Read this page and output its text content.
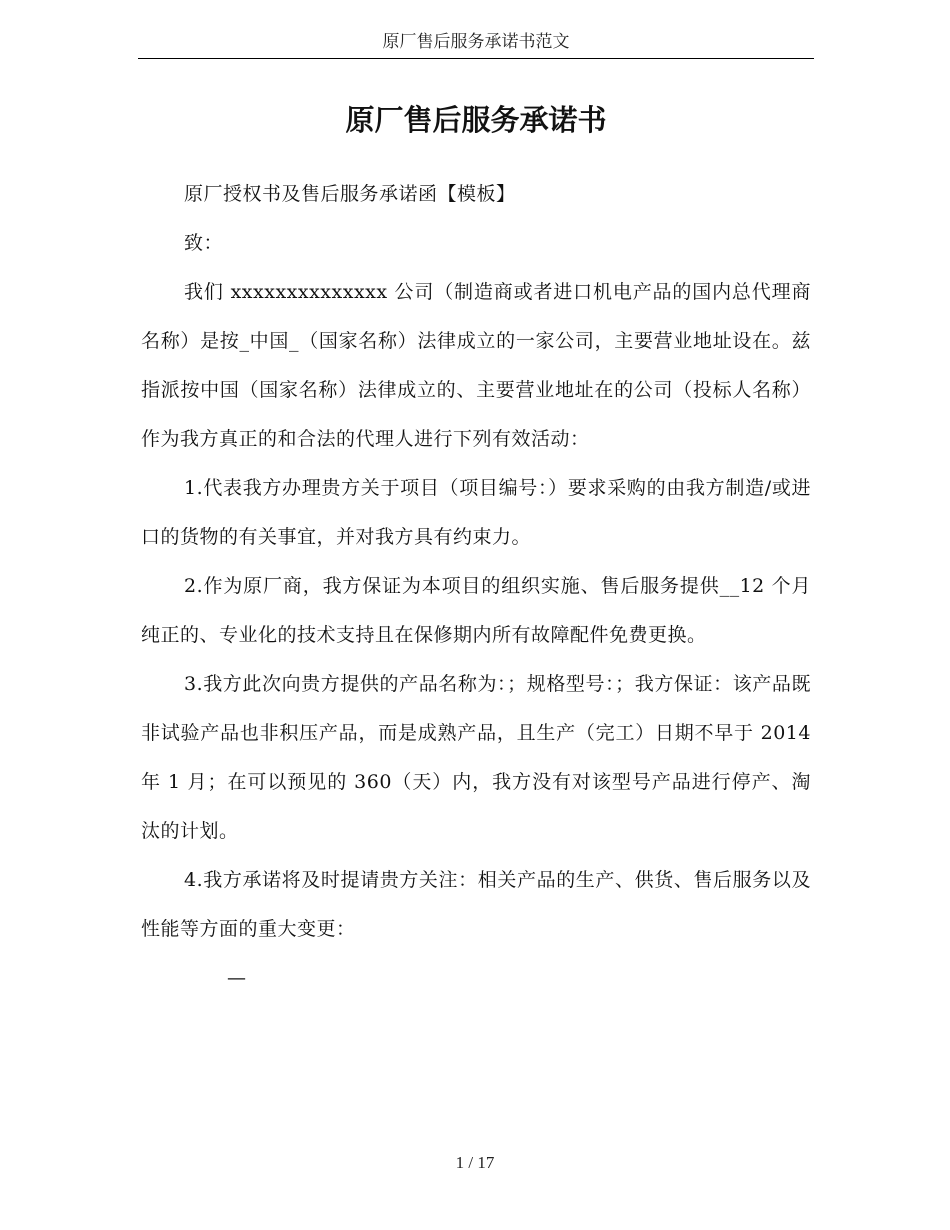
原厂售后服务承诺书范文
原厂售后服务承诺书

原厂授权书及售后服务承诺函【模板】

致：

我们 xxxxxxxxxxxxxx 公司（制造商或者进口机电产品的国内总代理商名称）是按_中国_（国家名称）法律成立的一家公司，主要营业地址设在。兹指派按中国（国家名称）法律成立的、主要营业地址在的公司（投标人名称）作为我方真正的和合法的代理人进行下列有效活动：

1.代表我方办理贵方关于项目（项目编号：）要求采购的由我方制造/或进口的货物的有关事宜，并对我方具有约束力。

2.作为原厂商，我方保证为本项目的组织实施、售后服务提供__12 个月纯正的、专业化的技术支持且在保修期内所有故障配件免费更换。

3.我方此次向贵方提供的产品名称为：；规格型号：；我方保证：该产品既非试验产品也非积压产品，而是成熟产品，且生产（完工）日期不早于 2014 年 1 月；在可以预见的 360（天）内，我方没有对该型号产品进行停产、淘汰的计划。

4.我方承诺将及时提请贵方关注：相关产品的生产、供货、售后服务以及性能等方面的重大变更：

—

1 / 17
